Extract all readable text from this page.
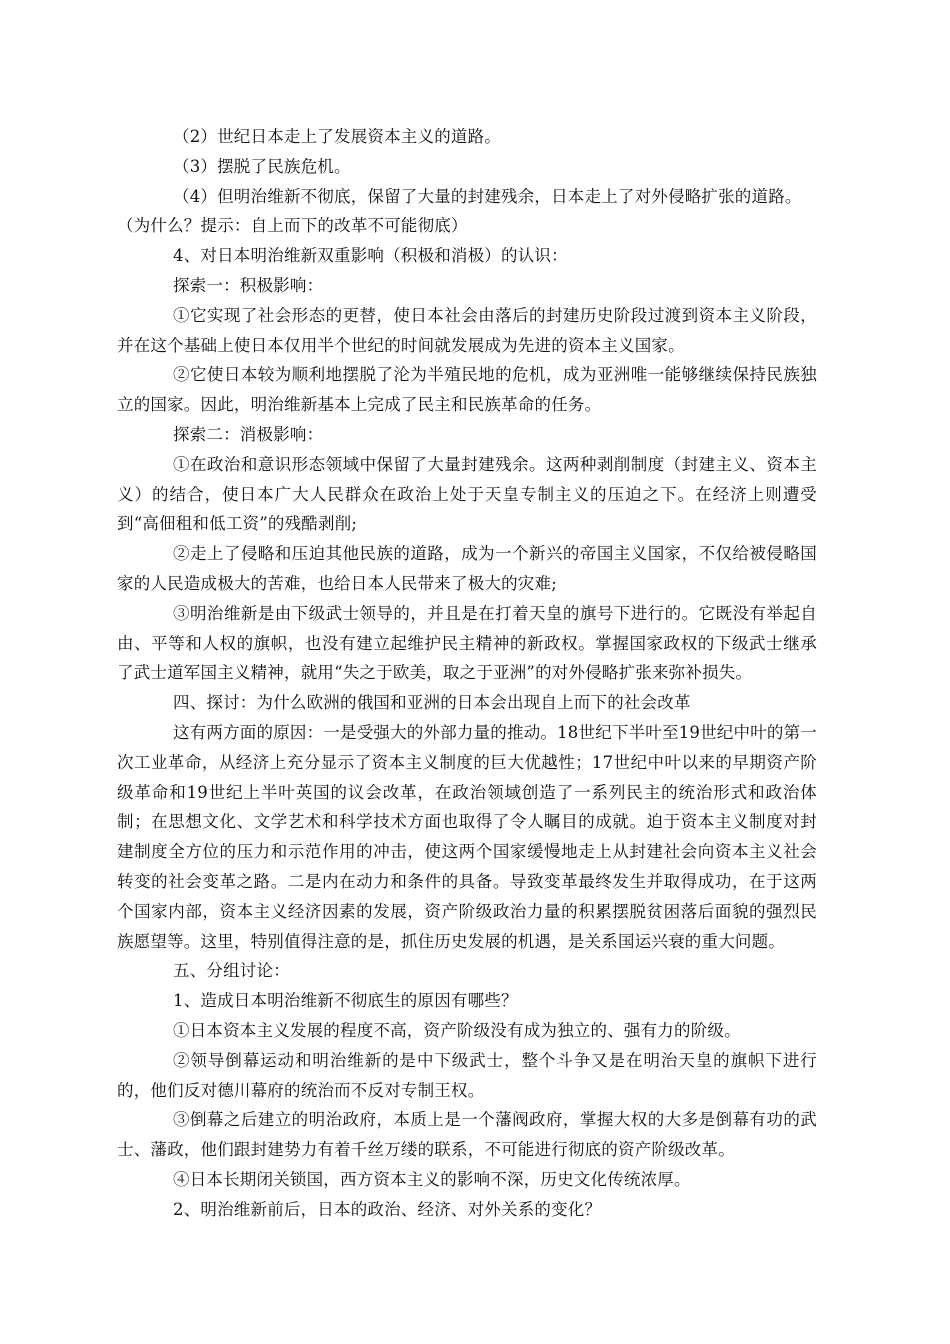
（2）世纪日本走上了发展资本主义的道路。

（3）摆脱了民族危机。

（4）但明治维新不彻底，保留了大量的封建残余，日本走上了对外侵略扩张的道路。

（为什么？提示：自上而下的改革不可能彻底）

4、对日本明治维新双重影响（积极和消极）的认识：

探索一：积极影响：

①它实现了社会形态的更替，使日本社会由落后的封建历史阶段过渡到资本主义阶段，并在这个基础上使日本仅用半个世纪的时间就发展成为先进的资本主义国家。

②它使日本较为顺利地摆脱了沦为半殖民地的危机，成为亚洲唯一能够继续保持民族独立的国家。因此，明治维新基本上完成了民主和民族革命的任务。

探索二：消极影响：

①在政治和意识形态领域中保留了大量封建残余。这两种剥削制度（封建主义、资本主义）的结合，使日本广大人民群众在政治上处于天皇专制主义的压迫之下。在经济上则遭受到“高佃租和低工资”的残酷剥削;

②走上了侵略和压迫其他民族的道路，成为一个新兴的帝国主义国家，不仅给被侵略国家的人民造成极大的苦难，也给日本人民带来了极大的灾难;

③明治维新是由下级武士领导的，并且是在打着天皇的旗号下进行的。它既没有举起自由、平等和人权的旗帜，也没有建立起维护民主精神的新政权。掌握国家政权的下级武士继承了武士道军国主义精神，就用“失之于欧美，取之于亚洲”的对外侵略扩张来弥补损失。

四、探讨：为什么欧洲的俄国和亚洲的日本会出现自上而下的社会改革

这有两方面的原因：一是受强大的外部力量的推动。18世纪下半叶至19世纪中叶的第一次工业革命，从经济上充分显示了资本主义制度的巨大优越性；17世纪中叶以来的早期资产阶级革命和19世纪上半叶英国的议会改革，在政治领域创造了一系列民主的统治形式和政治体制；在思想文化、文学艺术和科学技术方面也取得了令人瞩目的成就。迫于资本主义制度对封建制度全方位的压力和示范作用的冲击，使这两个国家缓慢地走上从封建社会向资本主义社会转变的社会变革之路。二是内在动力和条件的具备。导致变革最终发生并取得成功，在于这两个国家内部，资本主义经济因素的发展，资产阶级政治力量的积累摆脱贫困落后面貌的强烈民族愿望等。这里，特别值得注意的是，抓住历史发展的机遇，是关系国运兴衰的重大问题。

五、分组讨论：

1、造成日本明治维新不彻底生的原因有哪些？

①日本资本主义发展的程度不高，资产阶级没有成为独立的、强有力的阶级。

②领导倒幕运动和明治维新的是中下级武士，整个斗争又是在明治天皇的旗帜下进行的，他们反对德川幕府的统治而不反对专制王权。

③倒幕之后建立的明治政府，本质上是一个藩阀政府，掌握大权的大多是倒幕有功的武士、藩政，他们跟封建势力有着千丝万缕的联系，不可能进行彻底的资产阶级改革。

④日本长期闭关锁国，西方资本主义的影响不深，历史文化传统浓厚。

2、明治维新前后，日本的政治、经济、对外关系的变化？
